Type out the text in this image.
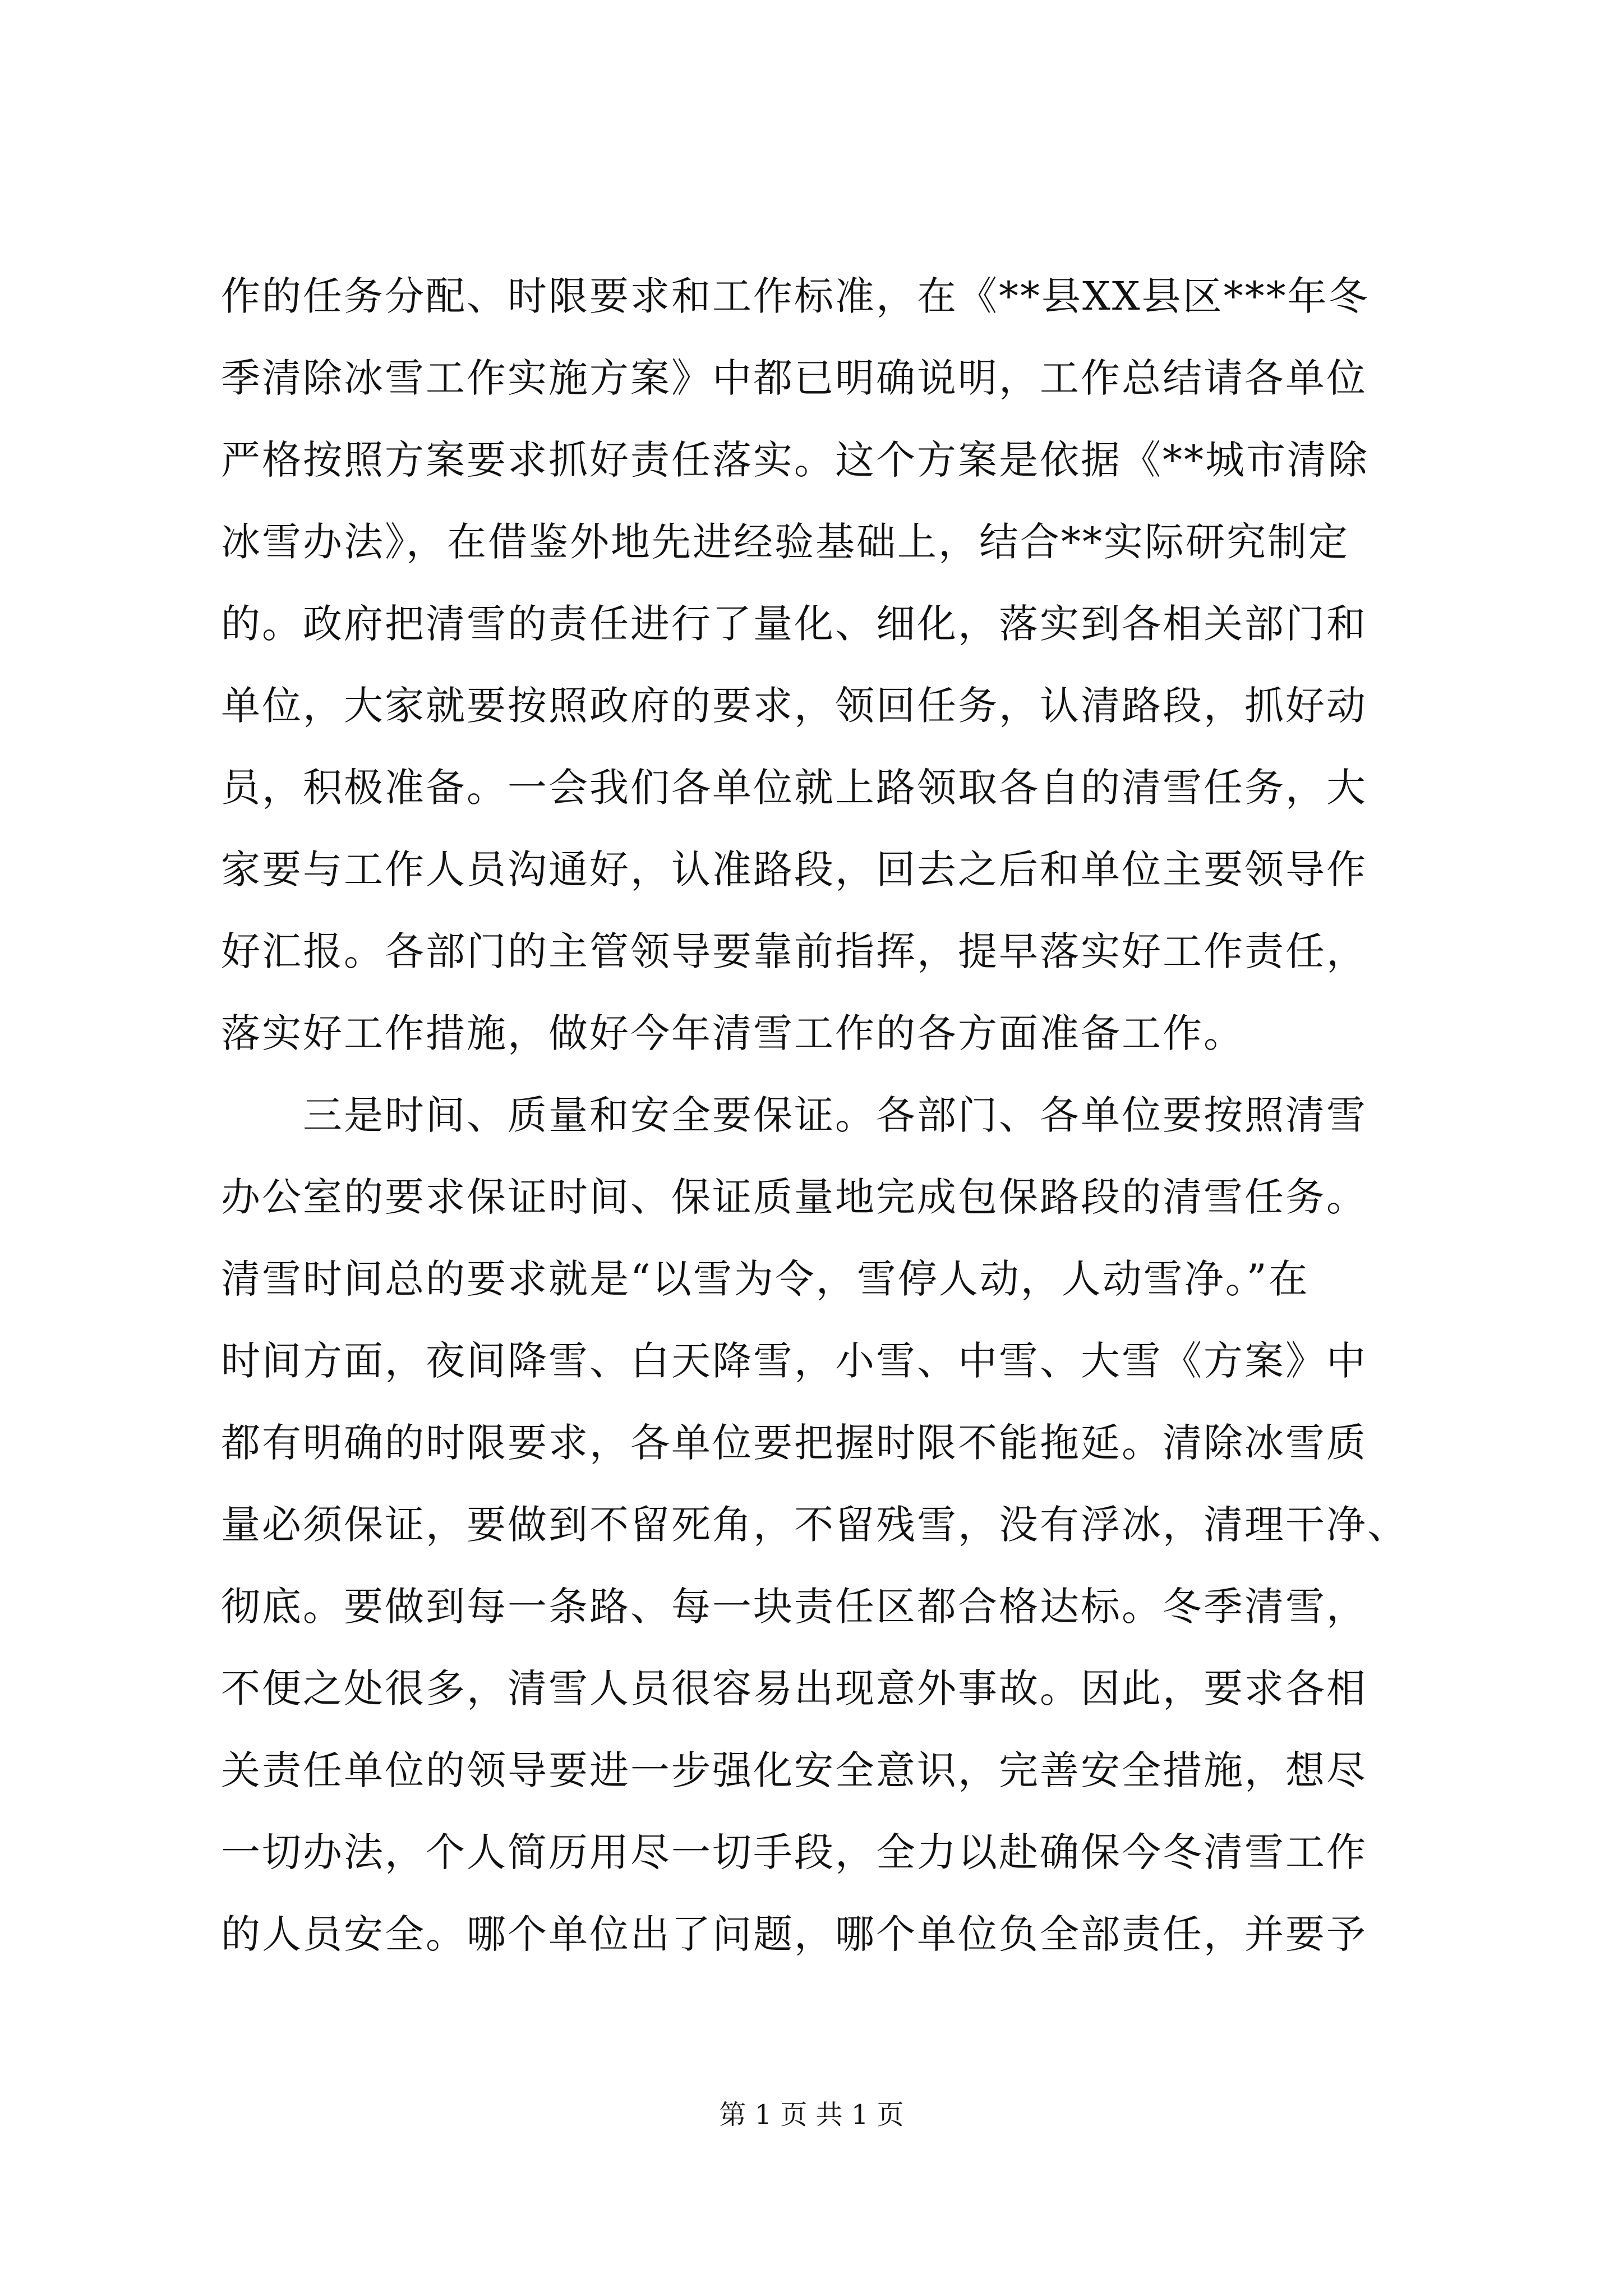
作的任务分配、时限要求和工作标准，在《**县XX县区***年冬
季清除冰雪工作实施方案》中都已明确说明，工作总结请各单位
严格按照方案要求抓好责任落实。这个方案是依据《**城市清除
冰雪办法》，在借鉴外地先进经验基础上，结合**实际研究制定
的。政府把清雪的责任进行了量化、细化，落实到各相关部门和
单位，大家就要按照政府的要求，领回任务，认清路段，抓好动
员，积极准备。一会我们各单位就上路领取各自的清雪任务，大
家要与工作人员沟通好，认准路段，回去之后和单位主要领导作
好汇报。各部门的主管领导要靠前指挥，提早落实好工作责任，
落实好工作措施，做好今年清雪工作的各方面准备工作。
　　三是时间、质量和安全要保证。各部门、各单位要按照清雪
办公室的要求保证时间、保证质量地完成包保路段的清雪任务。
清雪时间总的要求就是“以雪为令，雪停人动，人动雪净。”在
时间方面，夜间降雪、白天降雪，小雪、中雪、大雪《方案》中
都有明确的时限要求，各单位要把握时限不能拖延。清除冰雪质
量必须保证，要做到不留死角，不留残雪，没有浮冰，清理干净、
彻底。要做到每一条路、每一块责任区都合格达标。冬季清雪，
不便之处很多，清雪人员很容易出现意外事故。因此，要求各相
关责任单位的领导要进一步强化安全意识，完善安全措施，想尽
一切办法，个人简历用尽一切手段，全力以赴确保今冬清雪工作
的人员安全。哪个单位出了问题，哪个单位负全部责任，并要予
第 1 页 共 1 页
